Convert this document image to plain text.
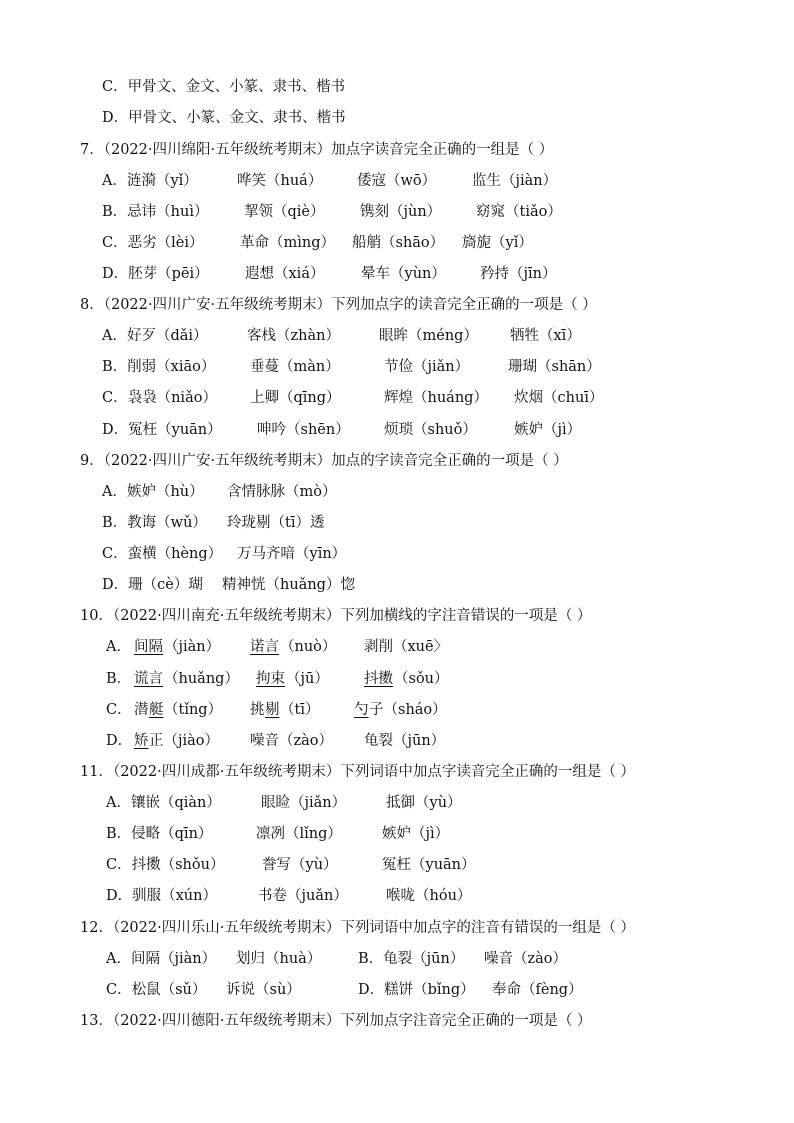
C．甲骨文、金文、小篆、隶书、楷书
D．甲骨文、小篆、金文、隶书、楷书
7．（2022·四川绵阳·五年级统考期末）加点字读音完全正确的一组是（ ）
A．涟漪（yǐ）	哗笑（huá） 倭寇（wō） 监生（jiàn）
B．忌讳（huì） 挈领（qiè） 镌刻（jùn） 窈窕（tiǎo）
C．恶劣（lèi）	革命（mìng） 船艄（shāo） 旖旎（yǐ）
D．胚芽（pēi）	遐想（xiá）	晕车（yùn） 矜持（jīn）
8．（2022·四川广安·五年级统考期末）下列加点字的读音完全正确的一项是（ ）
A．好歹（dǎi）	客栈（zhàn）	眼眸（méng） 牺牲（xī）
B．削弱（xiāo） 垂蔓（màn）	节俭（jiǎn）	珊瑚（shān）
C．袅袅（niǎo） 上卿（qīng）	辉煌（huáng） 炊烟（chuī）
D．冤枉（yuān） 呻吟（shēn） 烦琐（shuǒ）	嫉妒（jì）
9．（2022·四川广安·五年级统考期末）加点的字读音完全正确的一项是（ ）
A．嫉妒（hù） 含情脉脉（mò）
B．教诲（wǔ） 玲珑剔（tī）透
C．蛮横（hèng） 万马齐喑（yīn）
D．珊（cè）瑚 精神恍（huǎng）惚
10．（2022·四川南充·五年级统考期末）下列加横线的字注音错误的一项是（ ）
A． 间隔 （jiàn） 诺言 （nuò） 剥削（xuē〉
B． 谎言 （huǎng） 拘束 （jū） 抖擞 （sǒu）
C． 潜 艇 （tǐng） 挑 剔 （tī） 勺 子（sháo）
D． 矫 正（jiào） 噪音（zào） 龟裂（jūn）
11．（2022·四川成都·五年级统考期末）下列词语中加点字读音完全正确的一组是（ ）
A．镶嵌（qiàn）	眼睑（jiǎn）	抵御（yù）
B．侵略（qīn）	凛冽（lǐng）	嫉妒（jì）
C．抖擞（shǒu）	誊写（yù）	冤枉（yuān）
D．驯服（xún）	书卷（juǎn）	喉咙（hóu）
12．（2022·四川乐山·五年级统考期末）下列词语中加点字的注音有错误的一组是（ ）
A．间隔（jiàn） 划归（huà）	B．龟裂（jūn） 噪音（zào）
C．松鼠（sǔ） 诉说（sù）	D．糕饼（bǐng） 奉命（fèng）
13．（2022·四川德阳·五年级统考期末）下列加点字注音完全正确的一项是（ ）
